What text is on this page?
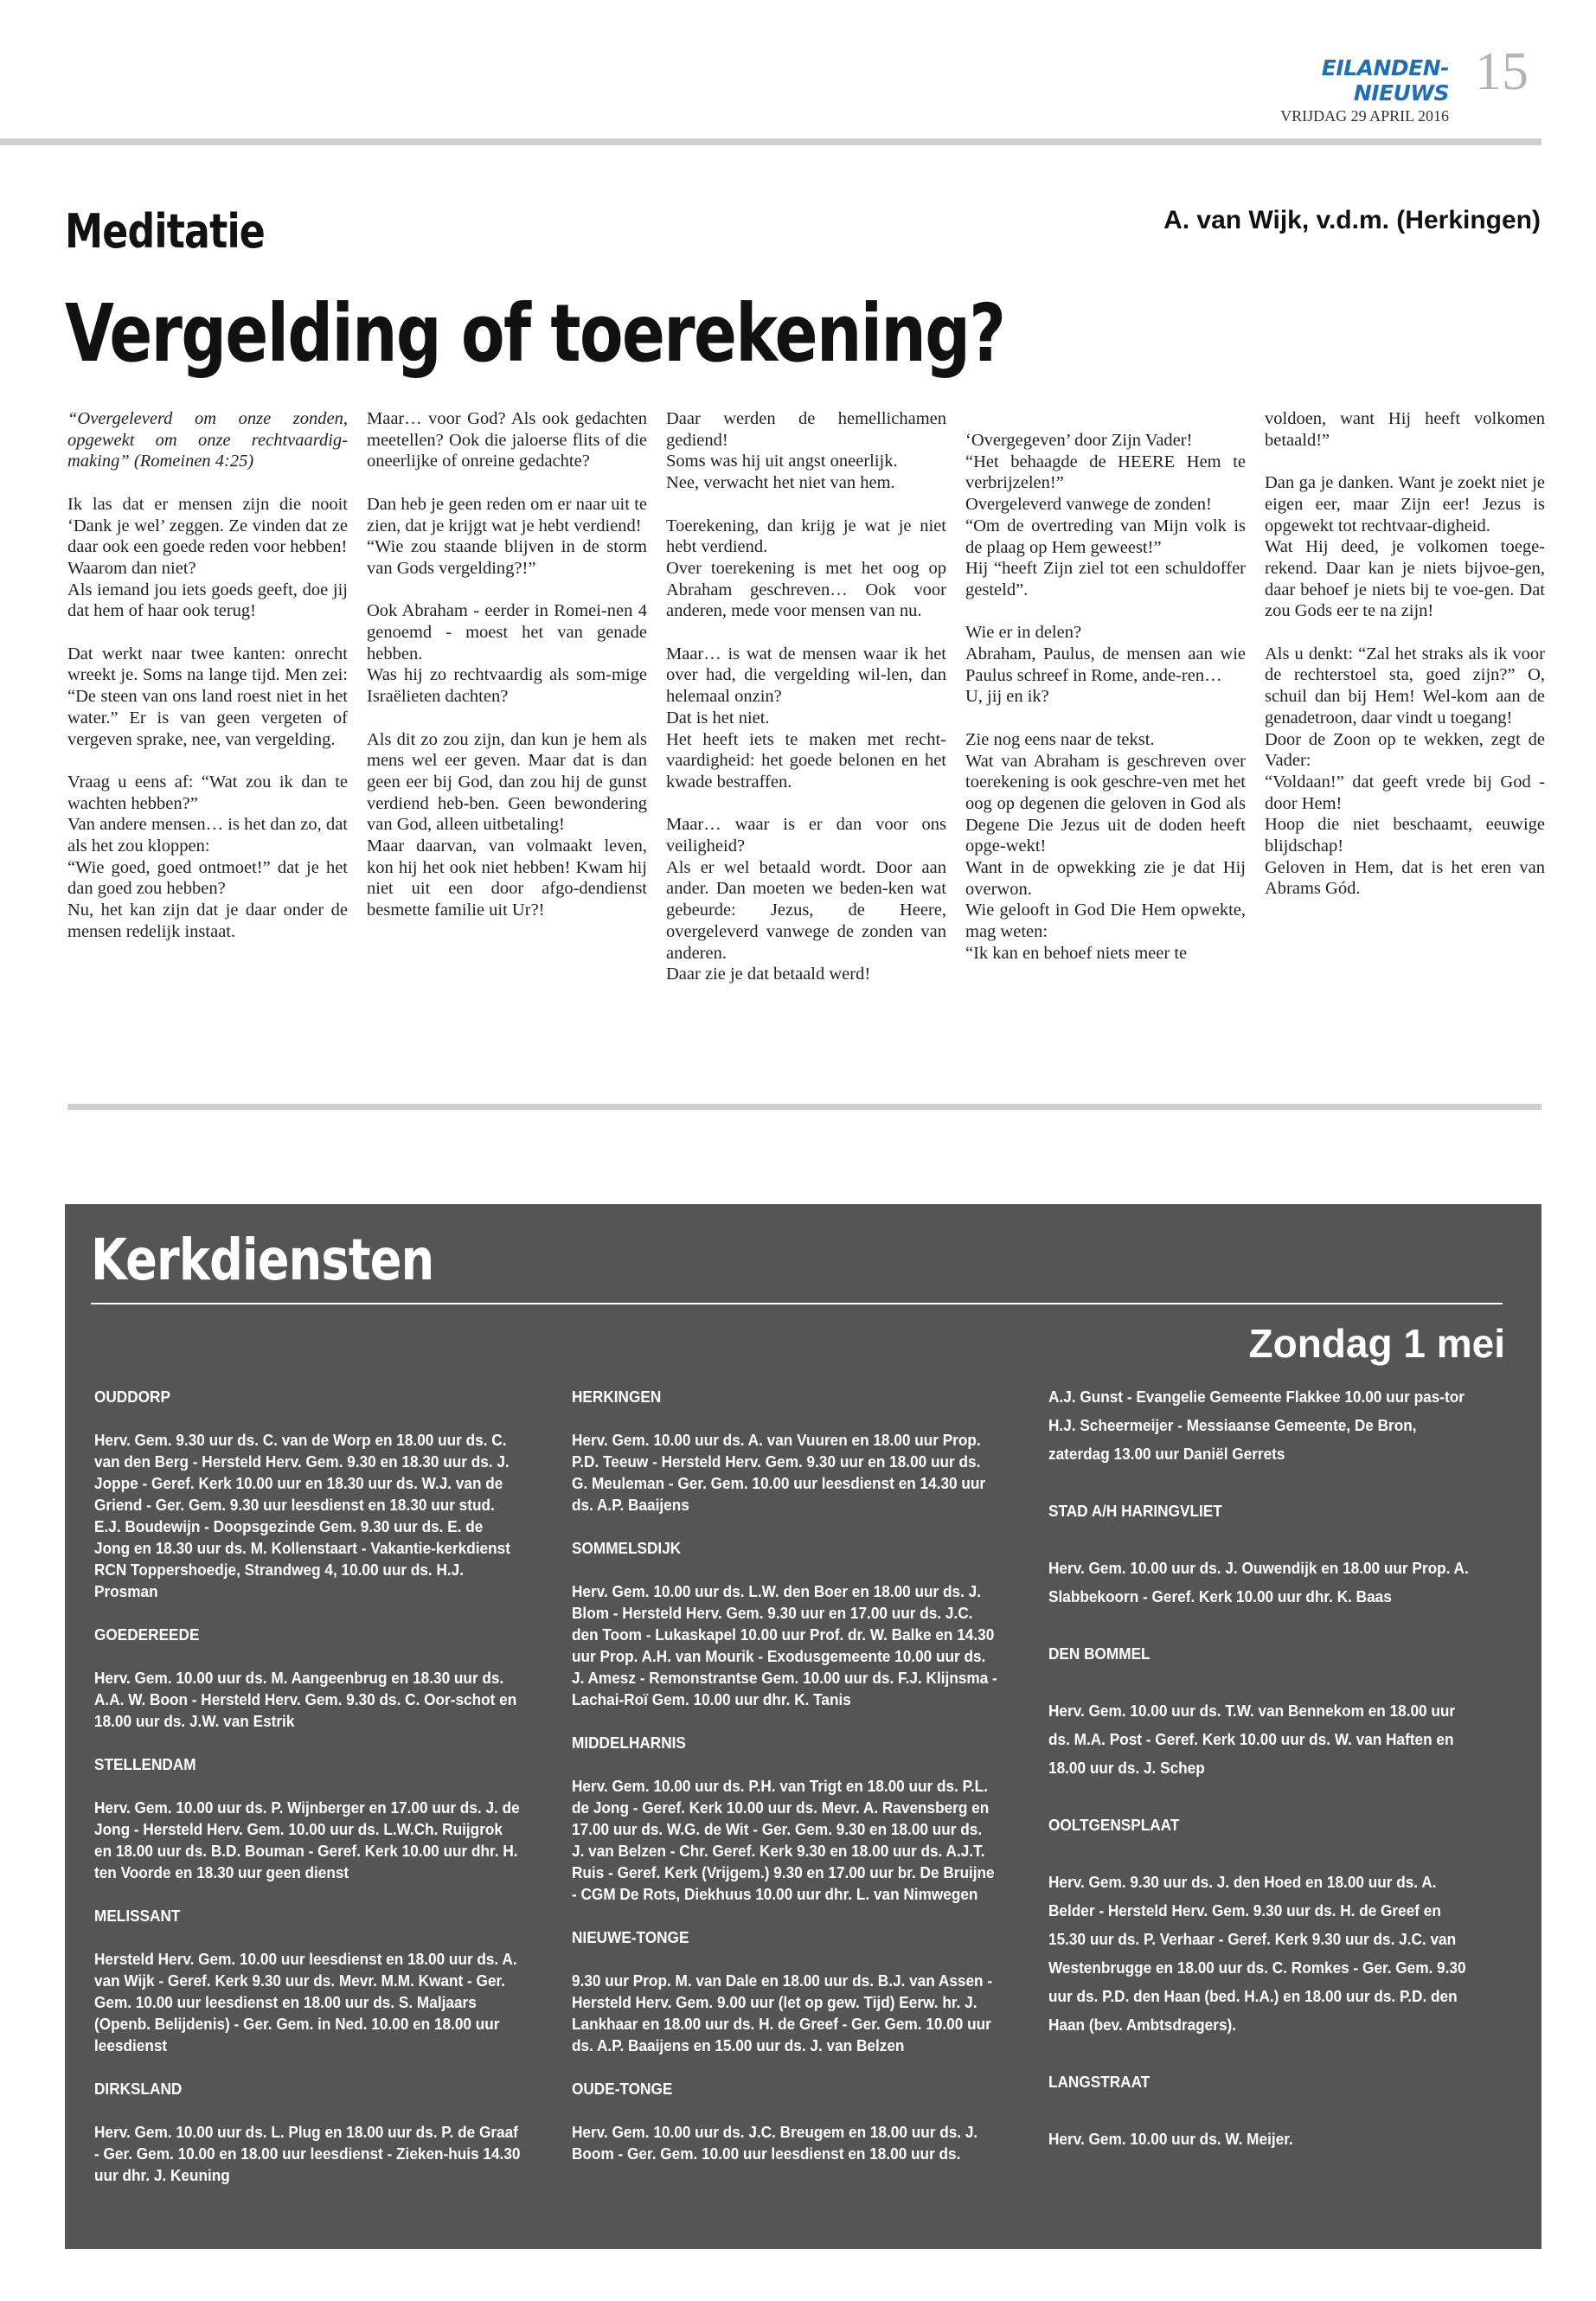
EILANDEN-NIEUWS
VRIJDAG 29 APRIL 2016
15
Meditatie	A. van Wijk, v.d.m. (Herkingen)
Vergelding of toerekening?

“Overgeleverd om onze zonden, opgewekt om onze rechtvaardig-making” (Romeinen 4:25)

Ik las dat er mensen zijn die nooit ‘Dank je wel’ zeggen. Ze vinden dat ze daar ook een goede reden voor hebben!
Waarom dan niet?
Als iemand jou iets goeds geeft, doe jij dat hem of haar ook terug!

Dat werkt naar twee kanten: onrecht wreekt je. Soms na lange tijd. Men zei: “De steen van ons land roest niet in het water.” Er is van geen vergeten of vergeven sprake, nee, van vergelding.

Vraag u eens af: “Wat zou ik dan te wachten hebben?”
Van andere mensen… is het dan zo, dat als het zou kloppen:
“Wie goed, goed ontmoet!” dat je het dan goed zou hebben?
Nu, het kan zijn dat je daar onder de mensen redelijk instaat.

Maar… voor God? Als ook gedachten meetellen? Ook die jaloerse flits of die oneerlijke of onreine gedachte?

Dan heb je geen reden om er naar uit te zien, dat je krijgt wat je hebt verdiend!
“Wie zou staande blijven in de storm van Gods vergelding?!”

Ook Abraham - eerder in Romei-nen 4 genoemd - moest het van genade hebben.
Was hij zo rechtvaardig als som-mige Israëlieten dachten?

Als dit zo zou zijn, dan kun je hem als mens wel eer geven. Maar dat is dan geen eer bij God, dan zou hij de gunst verdiend heb-ben. Geen bewondering van God, alleen uitbetaling!
Maar daarvan, van volmaakt leven, kon hij het ook niet hebben! Kwam hij niet uit een door afgo-dendienst besmette familie uit Ur?!

Daar werden de hemellichamen gediend!
Soms was hij uit angst oneerlijk.
Nee, verwacht het niet van hem.

Toerekening, dan krijg je wat je niet hebt verdiend.
Over toerekening is met het oog op Abraham geschreven… Ook voor anderen, mede voor mensen van nu.

Maar… is wat de mensen waar ik het over had, die vergelding wil-len, dan helemaal onzin?
Dat is het niet.
Het heeft iets te maken met recht-vaardigheid: het goede belonen en het kwade bestraffen.

Maar… waar is er dan voor ons veiligheid?
Als er wel betaald wordt. Door aan ander. Dan moeten we beden-ken wat gebeurde: Jezus, de Heere, overgeleverd vanwege de zonden van anderen.
Daar zie je dat betaald werd!

‘Overgegeven’ door Zijn Vader!
“Het behaagde de HEERE Hem te verbrijzelen!”
Overgeleverd vanwege de zonden!
“Om de overtreding van Mijn volk is de plaag op Hem geweest!”
Hij “heeft Zijn ziel tot een schuldoffer gesteld”.

Wie er in delen?
Abraham, Paulus, de mensen aan wie Paulus schreef in Rome, ande-ren…
U, jij en ik?

Zie nog eens naar de tekst.
Wat van Abraham is geschreven over toerekening is ook geschre-ven met het oog op degenen die geloven in God als Degene Die Jezus uit de doden heeft opge-wekt!
Want in de opwekking zie je dat Hij overwon.
Wie gelooft in God Die Hem opwekte, mag weten:
“Ik kan en behoef niets meer te

voldoen, want Hij heeft volkomen betaald!”

Dan ga je danken. Want je zoekt niet je eigen eer, maar Zijn eer! Jezus is opgewekt tot rechtvaar-digheid.
Wat Hij deed, je volkomen toege-rekend. Daar kan je niets bijvoe-gen, daar behoef je niets bij te voe-gen. Dat zou Gods eer te na zijn!

Als u denkt: “Zal het straks als ik voor de rechterstoel sta, goed zijn?” O, schuil dan bij Hem! Wel-kom aan de genadetroon, daar vindt u toegang!
Door de Zoon op te wekken, zegt de Vader:
“Voldaan!” dat geeft vrede bij God - door Hem!
Hoop die niet beschaamt, eeuwige blijdschap!
Geloven in Hem, dat is het eren van Abrams Gód.

Kerkdiensten
Zondag 1 mei
OUDDORP
Herv. Gem. 9.30 uur ds. C. van de Worp en 18.00 uur ds. C. van den Berg - Hersteld Herv. Gem. 9.30 en 18.30 uur ds. J. Joppe - Geref. Kerk 10.00 uur en 18.30 uur ds. W.J. van de Griend - Ger. Gem. 9.30 uur leesdienst en 18.30 uur stud. E.J. Boudewijn - Doopsgezinde Gem. 9.30 uur ds. E. de Jong en 18.30 uur ds. M. Kollenstaart - Vakantie-kerkdienst RCN Toppershoedje, Strandweg 4, 10.00 uur ds. H.J. Prosman
GOEDEREEDE
Herv. Gem. 10.00 uur ds. M. Aangeenbrug en 18.30 uur ds. A.A. W. Boon - Hersteld Herv. Gem. 9.30 ds. C. Oor-schot en 18.00 uur ds. J.W. van Estrik
STELLENDAM
Herv. Gem. 10.00 uur ds. P. Wijnberger en 17.00 uur ds. J. de Jong - Hersteld Herv. Gem. 10.00 uur ds. L.W.Ch. Ruijgrok en 18.00 uur ds. B.D. Bouman - Geref. Kerk 10.00 uur dhr. H. ten Voorde en 18.30 uur geen dienst
MELISSANT
Hersteld Herv. Gem. 10.00 uur leesdienst en 18.00 uur ds. A. van Wijk - Geref. Kerk 9.30 uur ds. Mevr. M.M. Kwant - Ger. Gem. 10.00 uur leesdienst en 18.00 uur ds. S. Maljaars (Openb. Belijdenis) - Ger. Gem. in Ned. 10.00 en 18.00 uur leesdienst
DIRKSLAND
Herv. Gem. 10.00 uur ds. L. Plug en 18.00 uur ds. P. de Graaf - Ger. Gem. 10.00 en 18.00 uur leesdienst - Zieken-huis 14.30 uur dhr. J. Keuning
HERKINGEN
Herv. Gem. 10.00 uur ds. A. van Vuuren en 18.00 uur Prop. P.D. Teeuw - Hersteld Herv. Gem. 9.30 uur en 18.00 uur ds. G. Meuleman - Ger. Gem. 10.00 uur leesdienst en 14.30 uur ds. A.P. Baaijens
SOMMELSDIJK
Herv. Gem. 10.00 uur ds. L.W. den Boer en 18.00 uur ds. J. Blom - Hersteld Herv. Gem. 9.30 uur en 17.00 uur ds. J.C. den Toom - Lukaskapel 10.00 uur Prof. dr. W. Balke en 14.30 uur Prop. A.H. van Mourik - Exodusgemeente 10.00 uur ds. J. Amesz - Remonstrantse Gem. 10.00 uur ds. F.J. Klijnsma - Lachai-Roï Gem. 10.00 uur dhr. K. Tanis
MIDDELHARNIS
Herv. Gem. 10.00 uur ds. P.H. van Trigt en 18.00 uur ds. P.L. de Jong - Geref. Kerk 10.00 uur ds. Mevr. A. Ravensberg en 17.00 uur ds. W.G. de Wit - Ger. Gem. 9.30 en 18.00 uur ds. J. van Belzen - Chr. Geref. Kerk 9.30 en 18.00 uur ds. A.J.T. Ruis - Geref. Kerk (Vrijgem.) 9.30 en 17.00 uur br. De Bruijne - CGM De Rots, Diekhuus 10.00 uur dhr. L. van Nimwegen
NIEUWE-TONGE
9.30 uur Prop. M. van Dale en 18.00 uur ds. B.J. van Assen - Hersteld Herv. Gem. 9.00 uur (let op gew. Tijd) Eerw. hr. J. Lankhaar en 18.00 uur ds. H. de Greef - Ger. Gem. 10.00 uur ds. A.P. Baaijens en 15.00 uur ds. J. van Belzen
OUDE-TONGE
Herv. Gem. 10.00 uur ds. J.C. Breugem en 18.00 uur ds. J. Boom - Ger. Gem. 10.00 uur leesdienst en 18.00 uur ds.
A.J. Gunst - Evangelie Gemeente Flakkee 10.00 uur pas-tor H.J. Scheermeijer - Messiaanse Gemeente, De Bron, zaterdag 13.00 uur Daniël Gerrets
STAD A/H HARINGVLIET
Herv. Gem. 10.00 uur ds. J. Ouwendijk en 18.00 uur Prop. A. Slabbekoorn - Geref. Kerk 10.00 uur dhr. K. Baas
DEN BOMMEL
Herv. Gem. 10.00 uur ds. T.W. van Bennekom en 18.00 uur ds. M.A. Post - Geref. Kerk 10.00 uur ds. W. van Haften en 18.00 uur ds. J. Schep
OOLTGENSPLAAT
Herv. Gem. 9.30 uur ds. J. den Hoed en 18.00 uur ds. A. Belder - Hersteld Herv. Gem. 9.30 uur ds. H. de Greef en 15.30 uur ds. P. Verhaar - Geref. Kerk 9.30 uur ds. J.C. van Westenbrugge en 18.00 uur ds. C. Romkes - Ger. Gem. 9.30 uur ds. P.D. den Haan (bed. H.A.) en 18.00 uur ds. P.D. den Haan (bev. Ambtsdragers).
LANGSTRAAT
Herv. Gem. 10.00 uur ds. W. Meijer.
